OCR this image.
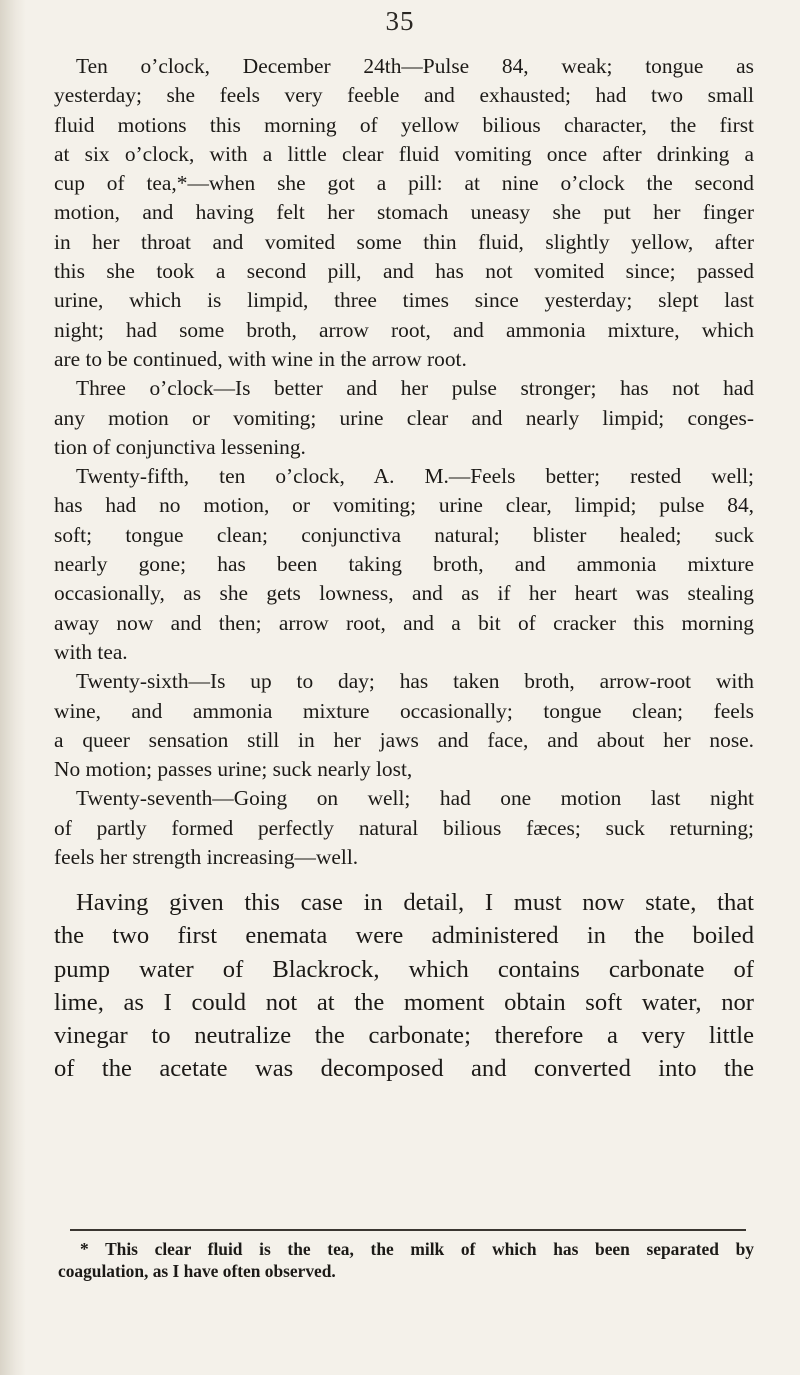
35
Ten o’clock, December 24th—Pulse 84, weak; tongue as
yesterday; she feels very feeble and exhausted; had two small
fluid motions this morning of yellow bilious character, the first
at six o’clock, with a little clear fluid vomiting once after drinking a
cup of tea,*—when she got a pill: at nine o’clock the second
motion, and having felt her stomach uneasy she put her finger
in her throat and vomited some thin fluid, slightly yellow, after
this she took a second pill, and has not vomited since; passed
urine, which is limpid, three times since yesterday; slept last
night; had some broth, arrow root, and ammonia mixture, which
are to be continued, with wine in the arrow root.
Three o’clock—Is better and her pulse stronger; has not had
any motion or vomiting; urine clear and nearly limpid; conges-
tion of conjunctiva lessening.
Twenty-fifth, ten o’clock, A. M.—Feels better; rested well;
has had no motion, or vomiting; urine clear, limpid; pulse 84,
soft; tongue clean; conjunctiva natural; blister healed; suck
nearly gone; has been taking broth, and ammonia mixture
occasionally, as she gets lowness, and as if her heart was stealing
away now and then; arrow root, and a bit of cracker this morning
with tea.
Twenty-sixth—Is up to day; has taken broth, arrow-root with
wine, and ammonia mixture occasionally; tongue clean; feels
a queer sensation still in her jaws and face, and about her nose.
No motion; passes urine; suck nearly lost,
Twenty-seventh—Going on well; had one motion last night
of partly formed perfectly natural bilious fæces; suck returning;
feels her strength increasing—well.
Having given this case in detail, I must now state, that
the two first enemata were administered in the boiled
pump water of Blackrock, which contains carbonate of
lime, as I could not at the moment obtain soft water, nor
vinegar to neutralize the carbonate; therefore a very little
of the acetate was decomposed and converted into the
* This clear fluid is the tea, the milk of which has been separated by
coagulation, as I have often observed.
